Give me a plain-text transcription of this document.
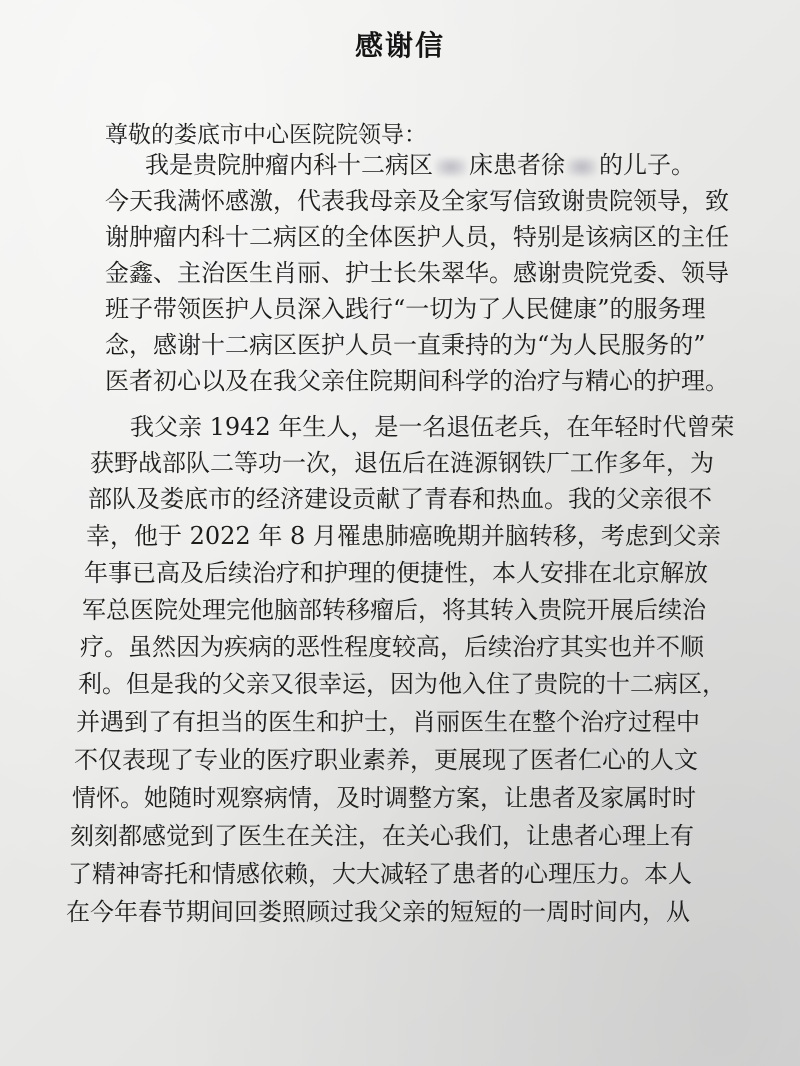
感谢信
尊敬的娄底市中心医院院领导：
我是贵院肿瘤内科十二病区 床患者徐 的儿子。
今天我满怀感激，代表我母亲及全家写信致谢贵院领导，致
谢肿瘤内科十二病区的全体医护人员，特别是该病区的主任
金鑫、主治医生肖丽、护士长朱翠华。感谢贵院党委、领导
班子带领医护人员深入践行“一切为了人民健康”的服务理
念，感谢十二病区医护人员一直秉持的为“为人民服务的”
医者初心以及在我父亲住院期间科学的治疗与精心的护理。
我父亲 1942 年生人，是一名退伍老兵，在年轻时代曾荣
获野战部队二等功一次，退伍后在涟源钢铁厂工作多年，为
部队及娄底市的经济建设贡献了青春和热血。我的父亲很不
幸，他于 2022 年 8 月罹患肺癌晚期并脑转移，考虑到父亲
年事已高及后续治疗和护理的便捷性，本人安排在北京解放
军总医院处理完他脑部转移瘤后，将其转入贵院开展后续治
疗。虽然因为疾病的恶性程度较高，后续治疗其实也并不顺
利。但是我的父亲又很幸运，因为他入住了贵院的十二病区，
并遇到了有担当的医生和护士，肖丽医生在整个治疗过程中
不仅表现了专业的医疗职业素养，更展现了医者仁心的人文
情怀。她随时观察病情，及时调整方案，让患者及家属时时
刻刻都感觉到了医生在关注，在关心我们，让患者心理上有
了精神寄托和情感依赖，大大减轻了患者的心理压力。本人
在今年春节期间回娄照顾过我父亲的短短的一周时间内，从
